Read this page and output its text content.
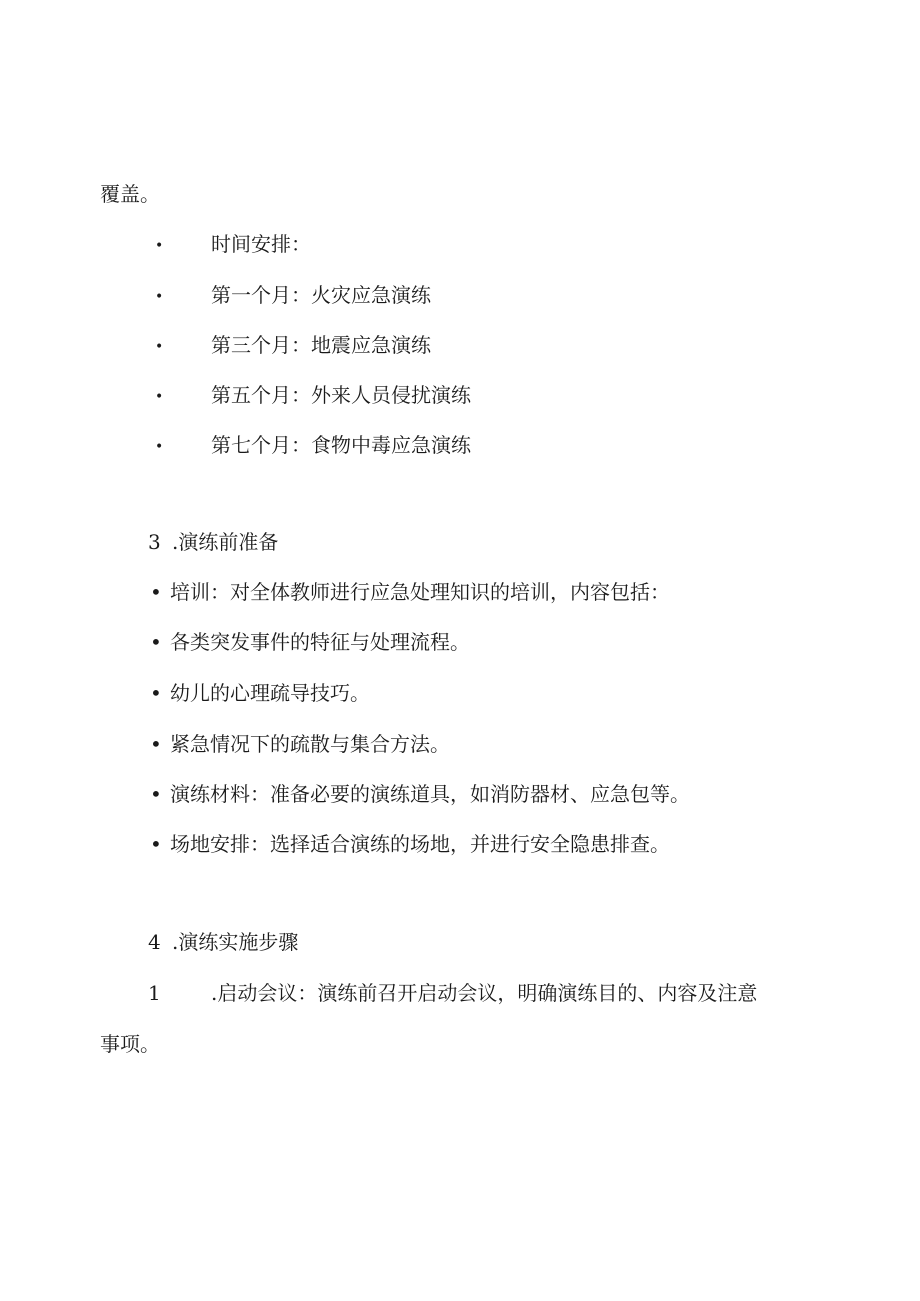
覆盖。
• 时间安排：
• 第一个月：火灾应急演练
• 第三个月：地震应急演练
• 第五个月：外来人员侵扰演练
• 第七个月：食物中毒应急演练
3 .演练前准备
• 培训：对全体教师进行应急处理知识的培训，内容包括：
• 各类突发事件的特征与处理流程。
• 幼儿的心理疏导技巧。
• 紧急情况下的疏散与集合方法。
• 演练材料：准备必要的演练道具，如消防器材、应急包等。
• 场地安排：选择适合演练的场地，并进行安全隐患排查。
4 .演练实施步骤
1	.启动会议：演练前召开启动会议，明确演练目的、内容及注意
事项。
